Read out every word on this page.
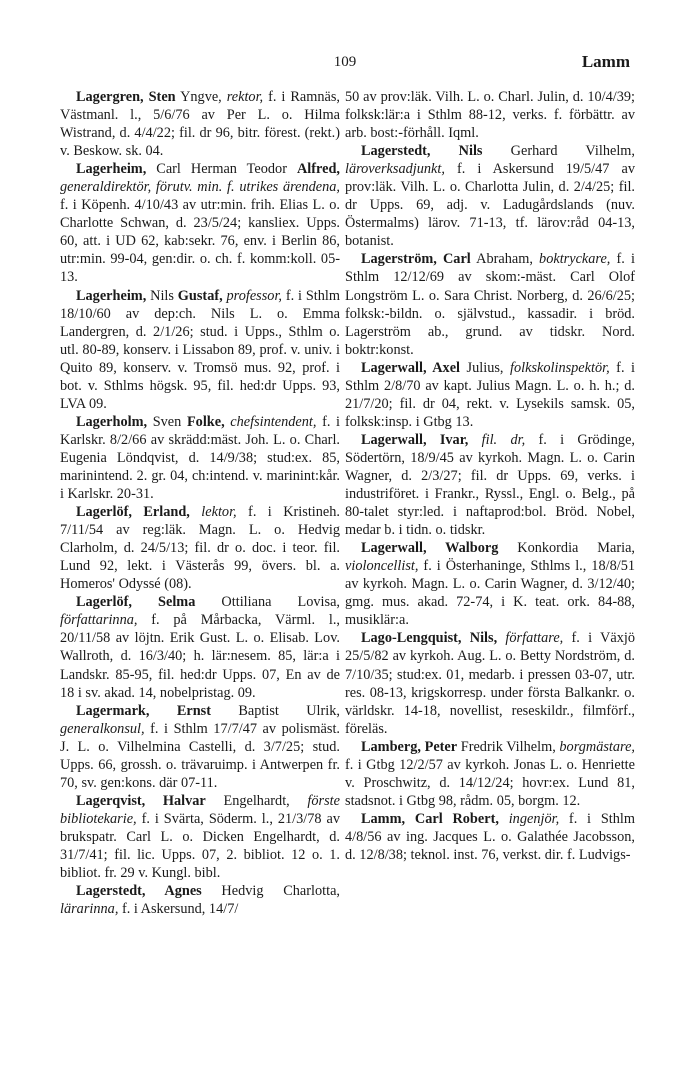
109	Lamm

Lagergren, Sten Yngve, rektor, f. i Ramnäs, Västmanl. l., 5/6/76 av Per L. o. Hilma Wistrand, d. 4/4/22; fil. dr 96, bitr. förest. (rekt.) v. Beskow. sk. 04.

Lagerheim, Carl Herman Teodor Alfred, generaldirektör, förutv. min. f. utrikes ärendena, f. i Köpenh. 4/10/43 av utr:min. frih. Elias L. o. Charlotte Schwan, d. 23/5/24; kansliex. Upps. 60, att. i UD 62, kab:sekr. 76, env. i Berlin 86, utr:min. 99-04, gen:dir. o. ch. f. komm:koll. 05-13.

Lagerheim, Nils Gustaf, professor, f. i Sthlm 18/10/60 av dep:ch. Nils L. o. Emma Landergren, d. 2/1/26; stud. i Upps., Sthlm o. utl. 80-89, konserv. i Lissabon 89, prof. v. univ. i Quito 89, konserv. v. Tromsö mus. 92, prof. i bot. v. Sthlms högsk. 95, fil. hed:dr Upps. 93, LVA 09.

Lagerholm, Sven Folke, chefsintendent, f. i Karlskr. 8/2/66 av skrädd:mäst. Joh. L. o. Charl. Eugenia Löndqvist, d. 14/9/38; stud:ex. 85, marinintend. 2. gr. 04, ch:intend. v. marinint:kår. i Karlskr. 20-31.

Lagerlöf, Erland, lektor, f. i Kristineh. 7/11/54 av reg:läk. Magn. L. o. Hedvig Clarholm, d. 24/5/13; fil. dr o. doc. i teor. fil. Lund 92, lekt. i Västerås 99, övers. bl. a. Homeros' Odyssé (08).

Lagerlöf, Selma Ottiliana Lovisa, författarinna, f. på Mårbacka, Värml. l., 20/11/58 av löjtn. Erik Gust. L. o. Elisab. Lov. Wallroth, d. 16/3/40; h. lär:nesem. 85, lär:a i Landskr. 85-95, fil. hed:dr Upps. 07, En av de 18 i sv. akad. 14, nobelpristag. 09.

Lagermark, Ernst Baptist Ulrik, generalkonsul, f. i Sthlm 17/7/47 av polismäst. J. L. o. Vilhelmina Castelli, d. 3/7/25; stud. Upps. 66, grossh. o. trävaruimp. i Antwerpen fr. 70, sv. gen:kons. där 07-11.

Lagerqvist, Halvar Engelhardt, förste bibliotekarie, f. i Svärta, Söderm. l., 21/3/78 av brukspatr. Carl L. o. Dicken Engelhardt, d. 31/7/41; fil. lic. Upps. 07, 2. bibliot. 12 o. 1. bibliot. fr. 29 v. Kungl. bibl.

Lagerstedt, Agnes Hedvig Charlotta, lärarinna, f. i Askersund, 14/7/

50 av prov:läk. Vilh. L. o. Charl. Julin, d. 10/4/39; folksk:lär:a i Sthlm 88-12, verks. f. förbättr. av arb. bost:-förhåll. Iqml.

Lagerstedt, Nils Gerhard Vilhelm, läroverksadjunkt, f. i Askersund 19/5/47 av prov:läk. Vilh. L. o. Charlotta Julin, d. 2/4/25; fil. dr Upps. 69, adj. v. Ladugårdslands (nuv. Östermalms) lärov. 71-13, tf. lärov:råd 04-13, botanist.

Lagerström, Carl Abraham, boktryckare, f. i Sthlm 12/12/69 av skom:-mäst. Carl Olof Longström L. o. Sara Christ. Norberg, d. 26/6/25; folksk:-bildn. o. självstud., kassadir. i bröd. Lagerström ab., grund. av tidskr. Nord. boktr:konst.

Lagerwall, Axel Julius, folkskolinspektör, f. i Sthlm 2/8/70 av kapt. Julius Magn. L. o. h. h.; d. 21/7/20; fil. dr 04, rekt. v. Lysekils samsk. 05, folksk:insp. i Gtbg 13.

Lagerwall, Ivar, fil. dr, f. i Grödinge, Södertörn, 18/9/45 av kyrkoh. Magn. L. o. Carin Wagner, d. 2/3/27; fil. dr Upps. 69, verks. i industriföret. i Frankr., Ryssl., Engl. o. Belg., på 80-talet styr:led. i naftaprod:bol. Bröd. Nobel, medar b. i tidn. o. tidskr.

Lagerwall, Walborg Konkordia Maria, violoncellist, f. i Österhaninge, Sthlms l., 18/8/51 av kyrkoh. Magn. L. o. Carin Wagner, d. 3/12/40; gmg. mus. akad. 72-74, i K. teat. ork. 84-88, musiklär:a.

Lago-Lengquist, Nils, författare, f. i Växjö 25/5/82 av kyrkoh. Aug. L. o. Betty Nordström, d. 7/10/35; stud:ex. 01, medarb. i pressen 03-07, utr. res. 08-13, krigskorresp. under första Balkankr. o. världskr. 14-18, novellist, reseskildr., filmförf., föreläs.

Lamberg, Peter Fredrik Vilhelm, borgmästare, f. i Gtbg 12/2/57 av kyrkoh. Jonas L. o. Henriette v. Proschwitz, d. 14/12/24; hovr:ex. Lund 81, stadsnot. i Gtbg 98, rådm. 05, borgm. 12.

Lamm, Carl Robert, ingenjör, f. i Sthlm 4/8/56 av ing. Jacques L. o. Galathée Jacobsson, d. 12/8/38; teknol. inst. 76, verkst. dir. f. Ludvigs-
